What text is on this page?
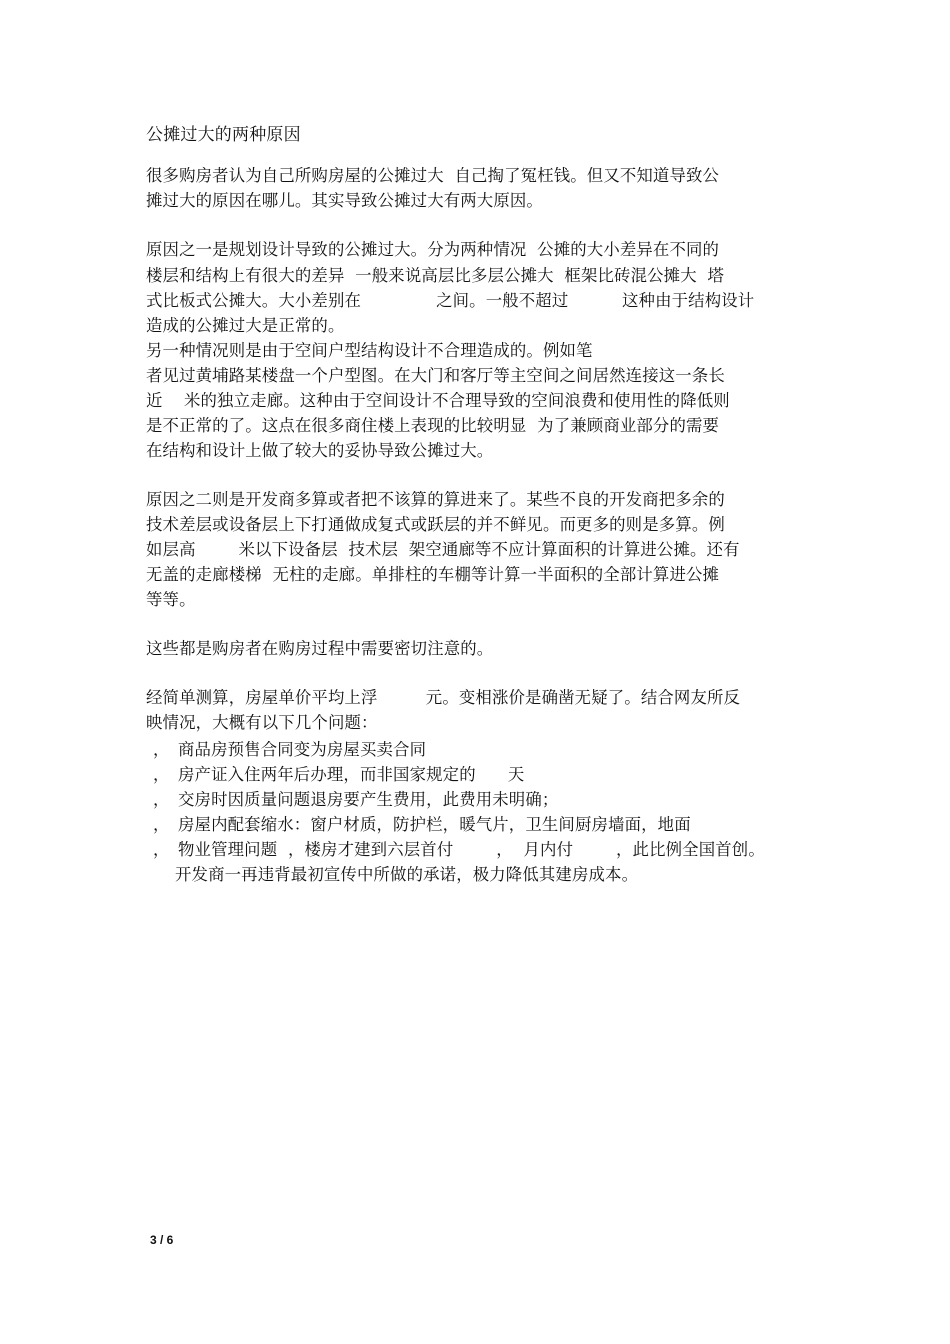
公摊过大的两种原因
很多购房者认为自己所购房屋的公摊过大  自己掏了冤枉钱。但又不知道导致公
摊过大的原因在哪儿。其实导致公摊过大有两大原因。
原因之一是规划设计导致的公摊过大。分为两种情况  公摊的大小差异在不同的
楼层和结构上有很大的差异  一般来说高层比多层公摊大  框架比砖混公摊大  塔
式比板式公摊大。大小差别在              之间。一般不超过          这种由于结构设计
造成的公摊过大是正常的。
另一种情况则是由于空间户型结构设计不合理造成的。例如笔
者见过黄埔路某楼盘一个户型图。在大门和客厅等主空间之间居然连接这一条长
近    米的独立走廊。这种由于空间设计不合理导致的空间浪费和使用性的降低则
是不正常的了。这点在很多商住楼上表现的比较明显  为了兼顾商业部分的需要
在结构和设计上做了较大的妥协导致公摊过大。
原因之二则是开发商多算或者把不该算的算进来了。某些不良的开发商把多余的
技术差层或设备层上下打通做成复式或跃层的并不鲜见。而更多的则是多算。例
如层高        米以下设备层  技术层  架空通廊等不应计算面积的计算进公摊。还有
无盖的走廊楼梯  无柱的走廊。单排柱的车棚等计算一半面积的全部计算进公摊
等等。
这些都是购房者在购房过程中需要密切注意的。
经简单测算，房屋单价平均上浮         元。变相涨价是确凿无疑了。结合网友所反
映情况，大概有以下几个问题：
， 商品房预售合同变为房屋买卖合同
， 房产证入住两年后办理，而非国家规定的      天
， 交房时因质量问题退房要产生费用，此费用未明确；
， 房屋内配套缩水：窗户材质，防护栏，暖气片，卫生间厨房墙面，地面
， 物业管理问题  ，楼房才建到六层首付        ，  月内付        ，此比例全国首创。
开发商一再违背最初宣传中所做的承诺，极力降低其建房成本。
3 / 6
